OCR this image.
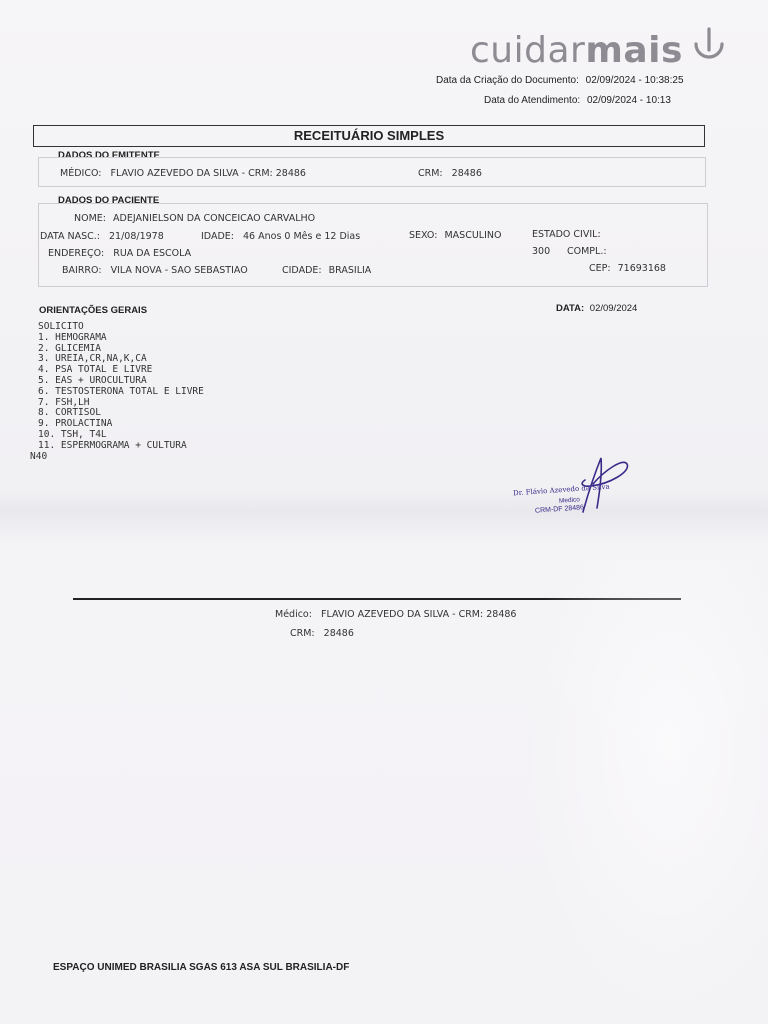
cuidarmais
Data da Criação do Documento: 02/09/2024 - 10:38:25
Data do Atendimento: 02/09/2024 - 10:13
RECEITUÁRIO SIMPLES
DADOS DO EMITENTE
MÉDICO: FLAVIO AZEVEDO DA SILVA - CRM: 28486	CRM: 28486
DADOS DO PACIENTE
NOME: ADEJANIELSON DA CONCEICAO CARVALHO
DATA NASC.: 21/08/1978	IDADE: 46 Anos 0 Mês e 12 Dias	SEXO: MASCULINO	ESTADO CIVIL:
ENDEREÇO: RUA DA ESCOLA	300 COMPL.:
BAIRRO: VILA NOVA - SAO SEBASTIAO	CIDADE: BRASILIA	CEP: 71693168
ORIENTAÇÕES GERAIS	DATA: 02/09/2024
SOLICITO
1. HEMOGRAMA
2. GLICEMIA
3. UREIA,CR,NA,K,CA
4. PSA TOTAL E LIVRE
5. EAS + UROCULTURA
6. TESTOSTERONA TOTAL E LIVRE
7. FSH,LH
8. CORTISOL
9. PROLACTINA
10. TSH, T4L
11. ESPERMOGRAMA + CULTURA
N40
Dr. Flávio Azevedo da Silva
Medico
CRM-DF 28486
Médico: FLAVIO AZEVEDO DA SILVA - CRM: 28486
CRM: 28486
ESPAÇO UNIMED BRASILIA SGAS 613 ASA SUL BRASILIA-DF
